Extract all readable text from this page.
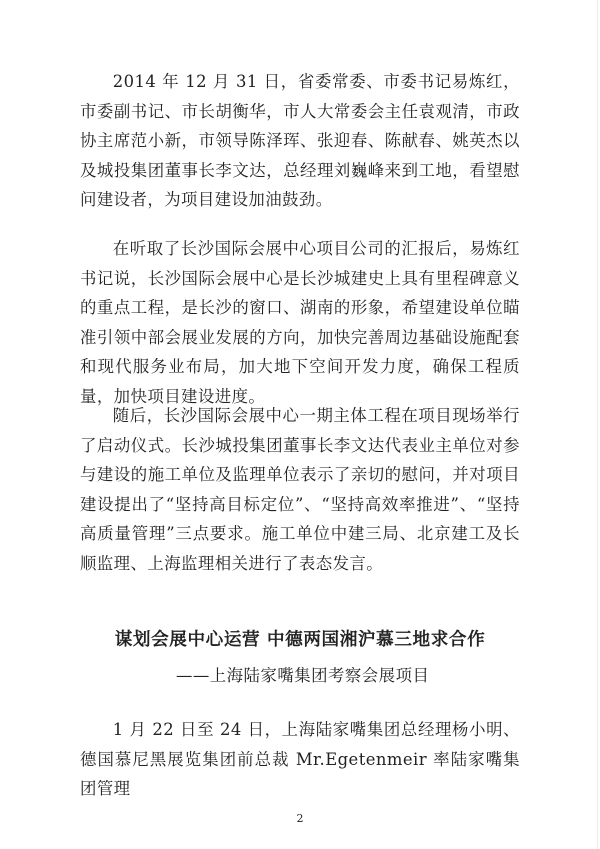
2014 年 12 月 31 日，省委常委、市委书记易炼红，市委副书记、市长胡衡华，市人大常委会主任袁观清，市政协主席范小新，市领导陈泽珲、张迎春、陈献春、姚英杰以及城投集团董事长李文达，总经理刘巍峰来到工地，看望慰问建设者，为项目建设加油鼓劲。

在听取了长沙国际会展中心项目公司的汇报后，易炼红书记说，长沙国际会展中心是长沙城建史上具有里程碑意义的重点工程，是长沙的窗口、湖南的形象，希望建设单位瞄准引领中部会展业发展的方向，加快完善周边基础设施配套和现代服务业布局，加大地下空间开发力度，确保工程质量，加快项目建设进度。

随后，长沙国际会展中心一期主体工程在项目现场举行了启动仪式。长沙城投集团董事长李文达代表业主单位对参与建设的施工单位及监理单位表示了亲切的慰问，并对项目建设提出了“坚持高目标定位”、“坚持高效率推进”、“坚持高质量管理”三点要求。施工单位中建三局、北京建工及长顺监理、上海监理相关进行了表态发言。

谋划会展中心运营 中德两国湘沪慕三地求合作
——上海陆家嘴集团考察会展项目

1 月 22 日至 24 日，上海陆家嘴集团总经理杨小明、德国慕尼黑展览集团前总裁 Mr.Egetenmeir 率陆家嘴集团管理

2
